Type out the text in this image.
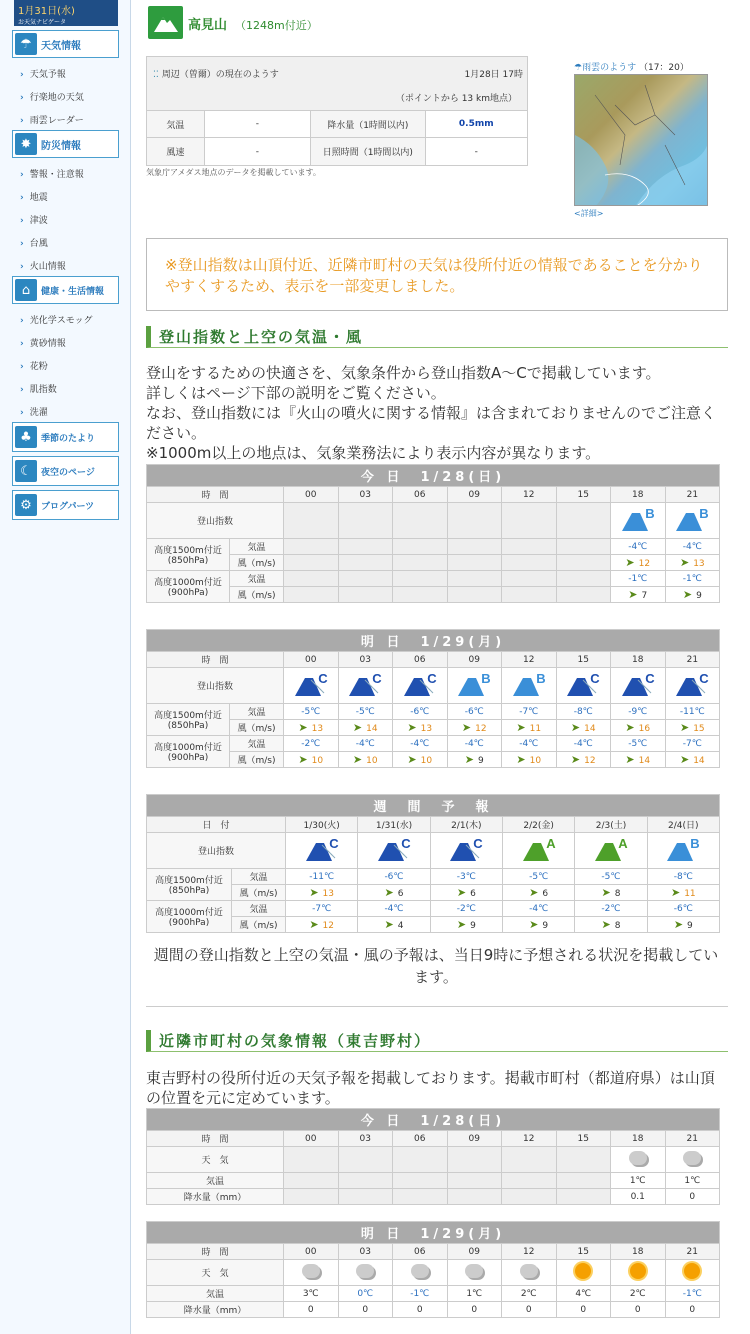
1月31日(水)
お天気ナビゲータ
☂ 天気情報
› 天気予報
› 行楽地の天気
› 雨雲レーダー
✸ 防災情報
› 警報・注意報
› 地震
› 津波
› 台風
› 火山情報
⌂	健康・生活情報
› 光化学スモッグ
› 黄砂情報
› 花粉
› 肌指数
› 洗濯
♣	季節のたより
☾	夜空のページ
⚙	ブログパーツ
高見山 （1248m付近）
⁚⁚ 周辺（曽爾）の現在のようす	1月28日 17時
（ポイントから 13 km地点）
気温	-	降水量（1時間以内)	0.5mm
風速	-	日照時間（1時間以内)	-
気象庁アメダス地点のデータを掲載しています。
☂雨雲のようす （17：20）
<詳細>
※登山指数は山頂付近、近隣市町村の天気は役所付近の情報であることを分かりやすくするため、表示を一部変更しました。
登山指数と上空の気温・風
登山をするための快適さを、気象条件から登山指数A〜Cで掲載しています。
詳しくはページ下部の説明をご覧ください。
なお、登山指数には『火山の噴火に関する情報』は含まれておりませんのでご注意ください。
※1000m以上の地点は、気象業務法により表示内容が異なります。
今 日　1/28(日)									
時　間		00	03	06	09	12	15	18	21
登山指数								B	B

高度1500m付近
(850hPa)	気温							-4℃	-4℃
	風（m/s)							➤ 12	➤ 13

高度1000m付近
(900hPa)	気温							-1℃	-1℃
	風（m/s)							➤ 7	➤ 9
明 日　1/29(月)									
時　間		00	03	06	09	12	15	18	21
登山指数		C	C	C	B	B	C	C	C

高度1500m付近
(850hPa)	気温	-5℃	-5℃	-6℃	-6℃	-7℃	-8℃	-9℃	-11℃
	風（m/s)	➤ 13	➤ 14	➤ 13	➤ 12	➤ 11	➤ 14	➤ 16	➤ 15

高度1000m付近
(900hPa)	気温	-2℃	-4℃	-4℃	-4℃	-4℃	-4℃	-5℃	-7℃
	風（m/s)	➤ 10	➤ 10	➤ 10	➤ 9	➤ 10	➤ 12	➤ 14	➤ 14
週　間　予　報							
日　付		1/30(火)	1/31(水)	2/1(木)	2/2(金)	2/3(土)	2/4(日)
登山指数		C	C	C	A	A	B

高度1500m付近
(850hPa)	気温	-11℃	-6℃	-3℃	-5℃	-5℃	-8℃
	風（m/s)	➤ 13	➤ 6	➤ 6	➤ 6	➤ 8	➤ 11

高度1000m付近
(900hPa)	気温	-7℃	-4℃	-2℃	-4℃	-2℃	-6℃
	風（m/s)	➤ 12	➤ 4	➤ 9	➤ 9	➤ 8	➤ 9
週間の登山指数と上空の気温・風の予報は、当日9時に予想される状況を掲載しています。
近隣市町村の気象情報（東吉野村）
東吉野村の役所付近の天気予報を掲載しております。掲載市町村（都道府県）は山頂の位置を元に定めています。
今 日　1/28(日)								
時　間	00	03	06	09	12	15	18	21
天　気								
気温							1℃	1℃
降水量（mm）							0.1	0
明 日　1/29(月)								
時　間	00	03	06	09	12	15	18	21
天　気								
気温	3℃	0℃	-1℃	1℃	2℃	4℃	2℃	-1℃
降水量（mm）	0	0	0	0	0	0	0	0
